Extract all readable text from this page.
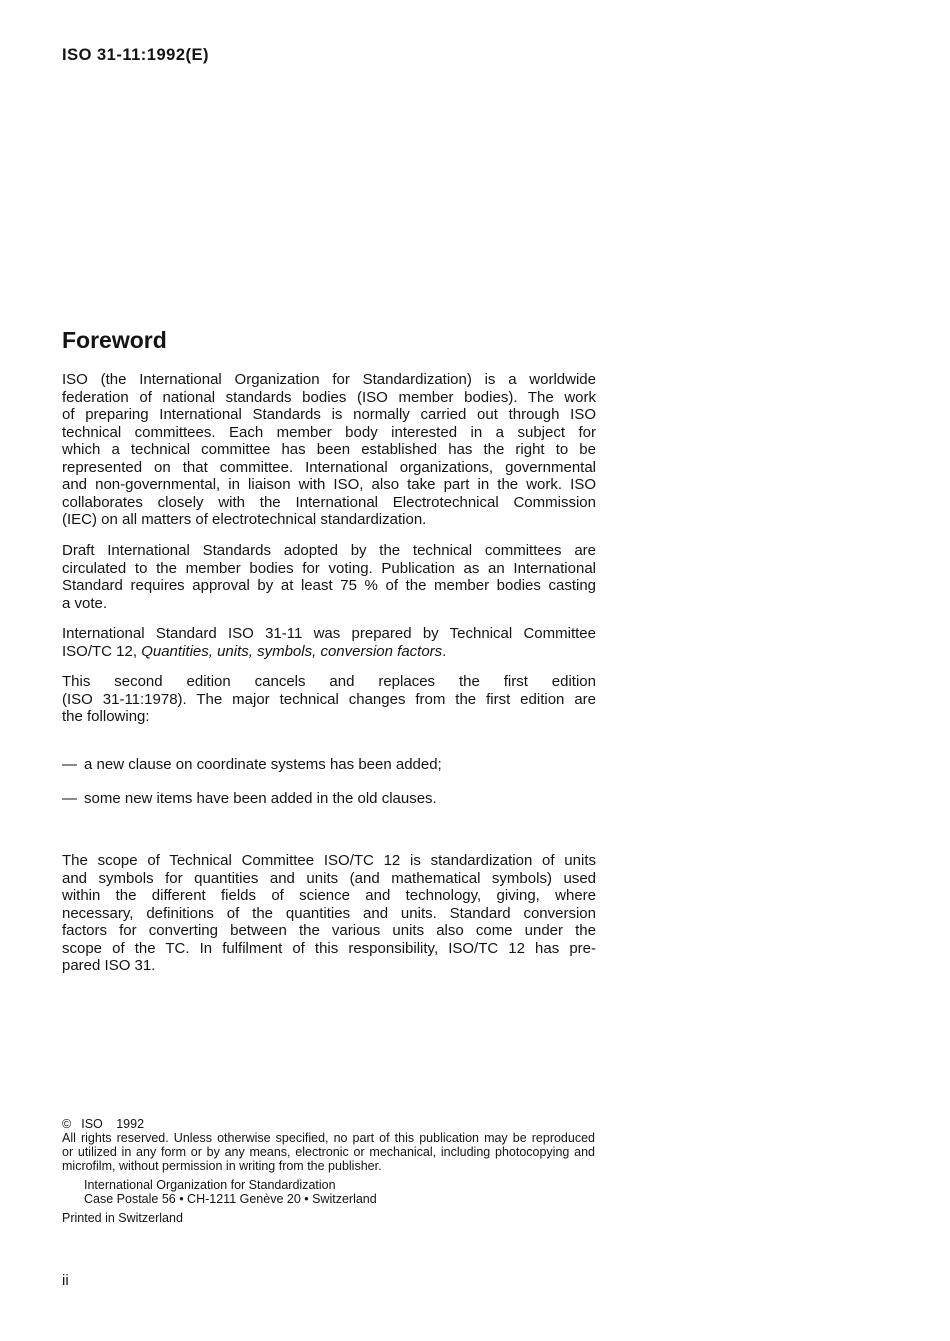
ISO 31-11:1992(E)
Foreword
ISO (the International Organization for Standardization) is a worldwide
federation of national standards bodies (ISO member bodies). The work
of preparing International Standards is normally carried out through ISO
technical committees. Each member body interested in a subject for
which a technical committee has been established has the right to be
represented on that committee. International organizations, governmental
and non-governmental, in liaison with ISO, also take part in the work. ISO
collaborates closely with the International Electrotechnical Commission
(IEC) on all matters of electrotechnical standardization.
Draft International Standards adopted by the technical committees are
circulated to the member bodies for voting. Publication as an International
Standard requires approval by at least 75 % of the member bodies casting
a vote.
International Standard ISO 31-11 was prepared by Technical Committee
ISO/TC 12, Quantities, units, symbols, conversion factors.
This second edition cancels and replaces the first edition
(ISO 31-11:1978). The major technical changes from the first edition are
the following:
— a new clause on coordinate systems has been added;
— some new items have been added in the old clauses.
The scope of Technical Committee ISO/TC 12 is standardization of units
and symbols for quantities and units (and mathematical symbols) used
within the different fields of science and technology, giving, where
necessary, definitions of the quantities and units. Standard conversion
factors for converting between the various units also come under the
scope of the TC. In fulfilment of this responsibility, ISO/TC 12 has pre-
pared ISO 31.
© ISO 1992
All rights reserved. Unless otherwise specified, no part of this publication may be reproduced
or utilized in any form or by any means, electronic or mechanical, including photocopying and
microfilm, without permission in writing from the publisher.
International Organization for Standardization
Case Postale 56 • CH-1211 Genève 20 • Switzerland
Printed in Switzerland
ii
